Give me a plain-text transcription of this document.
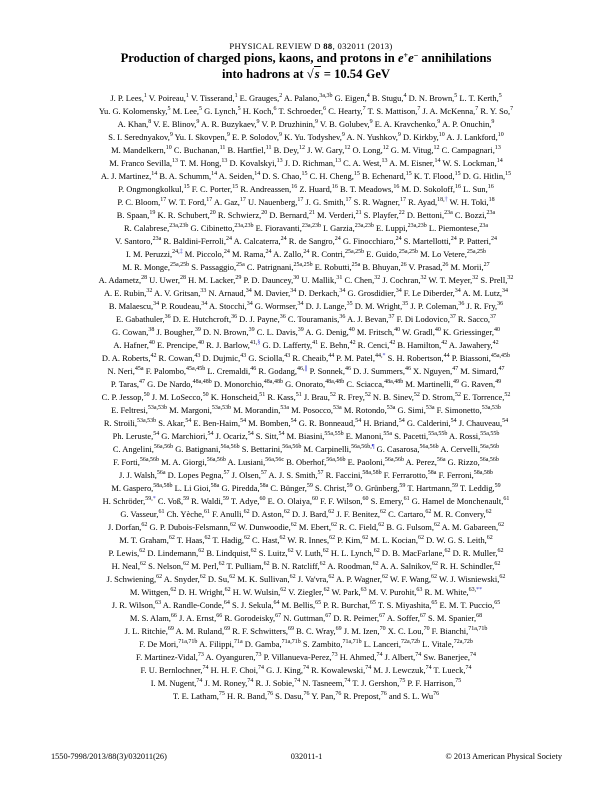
PHYSICAL REVIEW D 88, 032011 (2013)

Production of charged pions, kaons, and protons in e+e− annihilations
into hadrons at √s = 10.54 GeV
J. P. Lees,$^1$ V. Poireau,$^1$ V. Tisserand,$^1$ E. Grauges,$^2$ A. Palano,$^{3a,3b}$ G. Eigen,$^4$ B. Stugu,$^4$ D. N. Brown,$^5$ L. T. Kerth,$^5$
Yu. G. Kolomensky,$^5$ M. Lee,$^5$ G. Lynch,$^5$ H. Koch,$^6$ T. Schroeder,$^6$ C. Hearty,$^7$ T. S. Mattison,$^7$ J. A. McKenna,$^7$ R. Y. So,$^7$
A. Khan,$^8$ V. E. Blinov,$^9$ A. R. Buzykaev,$^9$ V. P. Druzhinin,$^9$ V. B. Golubev,$^9$ E. A. Kravchenko,$^9$ A. P. Onuchin,$^9$
S. I. Serednyakov,$^9$ Yu. I. Skovpen,$^9$ E. P. Solodov,$^9$ K. Yu. Todyshev,$^9$ A. N. Yushkov,$^9$ D. Kirkby,$^{10}$ A. J. Lankford,$^{10}$
M. Mandelkern,$^{10}$ C. Buchanan,$^{11}$ B. Hartfiel,$^{11}$ B. Dey,$^{12}$ J. W. Gary,$^{12}$ O. Long,$^{12}$ G. M. Vitug,$^{12}$ C. Campagnari,$^{13}$
M. Franco Sevilla,$^{13}$ T. M. Hong,$^{13}$ D. Kovalskyi,$^{13}$ J. D. Richman,$^{13}$ C. A. West,$^{13}$ A. M. Eisner,$^{14}$ W. S. Lockman,$^{14}$
A. J. Martinez,$^{14}$ B. A. Schumm,$^{14}$ A. Seiden,$^{14}$ D. S. Chao,$^{15}$ C. H. Cheng,$^{15}$ B. Echenard,$^{15}$ K. T. Flood,$^{15}$ D. G. Hitlin,$^{15}$
P. Ongmongkolkul,$^{15}$ F. C. Porter,$^{15}$ R. Andreassen,$^{16}$ Z. Huard,$^{16}$ B. T. Meadows,$^{16}$ M. D. Sokoloff,$^{16}$ L. Sun,$^{16}$
P. C. Bloom,$^{17}$ W. T. Ford,$^{17}$ A. Gaz,$^{17}$ U. Nauenberg,$^{17}$ J. G. Smith,$^{17}$ S. R. Wagner,$^{17}$ R. Ayad,$^{18,\dagger}$ W. H. Toki,$^{18}$
B. Spaan,$^{19}$ K. R. Schubert,$^{20}$ R. Schwierz,$^{20}$ D. Bernard,$^{21}$ M. Verderi,$^{21}$ S. Playfer,$^{22}$ D. Bettoni,$^{23a}$ C. Bozzi,$^{23a}$
R. Calabrese,$^{23a,23b}$ G. Cibinetto,$^{23a,23b}$ E. Fioravanti,$^{23a,23b}$ I. Garzia,$^{23a,23b}$ E. Luppi,$^{23a,23b}$ L. Piemontese,$^{23a}$
V. Santoro,$^{23a}$ R. Baldini-Ferroli,$^{24}$ A. Calcaterra,$^{24}$ R. de Sangro,$^{24}$ G. Finocchiaro,$^{24}$ S. Martellotti,$^{24}$ P. Patteri,$^{24}$
I. M. Peruzzi,$^{24,\ddagger}$ M. Piccolo,$^{24}$ M. Rama,$^{24}$ A. Zallo,$^{24}$ R. Contri,$^{25a,25b}$ E. Guido,$^{25a,25b}$ M. Lo Vetere,$^{25a,25b}$
M. R. Monge,$^{25a,25b}$ S. Passaggio,$^{25a}$ C. Patrignani,$^{25a,25b}$ E. Robutti,$^{25a}$ B. Bhuyan,$^{26}$ V. Prasad,$^{26}$ M. Morii,$^{27}$
A. Adametz,$^{28}$ U. Uwer,$^{28}$ H. M. Lacker,$^{29}$ P. D. Dauncey,$^{30}$ U. Mallik,$^{31}$ C. Chen,$^{32}$ J. Cochran,$^{32}$ W. T. Meyer,$^{32}$ S. Prell,$^{32}$
A. E. Rubin,$^{32}$ A. V. Gritsan,$^{33}$ N. Arnaud,$^{34}$ M. Davier,$^{34}$ D. Derkach,$^{34}$ G. Grosdidier,$^{34}$ F. Le Diberder,$^{34}$ A. M. Lutz,$^{34}$
B. Malaescu,$^{34}$ P. Roudeau,$^{34}$ A. Stocchi,$^{34}$ G. Wormser,$^{34}$ D. J. Lange,$^{35}$ D. M. Wright,$^{35}$ J. P. Coleman,$^{36}$ J. R. Fry,$^{36}$
E. Gabathuler,$^{36}$ D. E. Hutchcroft,$^{36}$ D. J. Payne,$^{36}$ C. Touramanis,$^{36}$ A. J. Bevan,$^{37}$ F. Di Lodovico,$^{37}$ R. Sacco,$^{37}$
G. Cowan,$^{38}$ J. Bougher,$^{39}$ D. N. Brown,$^{39}$ C. L. Davis,$^{39}$ A. G. Denig,$^{40}$ M. Fritsch,$^{40}$ W. Gradl,$^{40}$ K. Griessinger,$^{40}$
A. Hafner,$^{40}$ E. Prencipe,$^{40}$ R. J. Barlow,$^{41,\S}$ G. D. Lafferty,$^{41}$ E. Behn,$^{42}$ R. Cenci,$^{42}$ B. Hamilton,$^{42}$ A. Jawahery,$^{42}$
D. A. Roberts,$^{42}$ R. Cowan,$^{43}$ D. Dujmic,$^{43}$ G. Sciolla,$^{43}$ R. Cheaib,$^{44}$ P. M. Patel,$^{44,*}$ S. H. Robertson,$^{44}$ P. Biassoni,$^{45a,45b}$
N. Neri,$^{45a}$ F. Palombo,$^{45a,45b}$ L. Cremaldi,$^{46}$ R. Godang,$^{46,\parallel}$ P. Sonnek,$^{46}$ D. J. Summers,$^{46}$ X. Nguyen,$^{47}$ M. Simard,$^{47}$
P. Taras,$^{47}$ G. De Nardo,$^{48a,48b}$ D. Monorchio,$^{48a,48b}$ G. Onorato,$^{48a,48b}$ C. Sciacca,$^{48a,48b}$ M. Martinelli,$^{49}$ G. Raven,$^{49}$
C. P. Jessop,$^{50}$ J. M. LoSecco,$^{50}$ K. Honscheid,$^{51}$ R. Kass,$^{51}$ J. Brau,$^{52}$ R. Frey,$^{52}$ N. B. Sinev,$^{52}$ D. Strom,$^{52}$ E. Torrence,$^{52}$
E. Feltresi,$^{53a,53b}$ M. Margoni,$^{53a,53b}$ M. Morandin,$^{53a}$ M. Posocco,$^{53a}$ M. Rotondo,$^{53a}$ G. Simi,$^{53a}$ F. Simonetto,$^{53a,53b}$
R. Stroili,$^{53a,53b}$ S. Akar,$^{54}$ E. Ben-Haim,$^{54}$ M. Bomben,$^{54}$ G. R. Bonneaud,$^{54}$ H. Briand,$^{54}$ G. Calderini,$^{54}$ J. Chauveau,$^{54}$
Ph. Leruste,$^{54}$ G. Marchiori,$^{54}$ J. Ocariz,$^{54}$ S. Sitt,$^{54}$ M. Biasini,$^{55a,55b}$ E. Manoni,$^{55a}$ S. Pacetti,$^{55a,55b}$ A. Rossi,$^{55a,55b}$
C. Angelini,$^{56a,56b}$ G. Batignani,$^{56a,56b}$ S. Bettarini,$^{56a,56b}$ M. Carpinelli,$^{56a,56b,\P}$ G. Casarosa,$^{56a,56b}$ A. Cervelli,$^{56a,56b}$
F. Forti,$^{56a,56b}$ M. A. Giorgi,$^{56a,56b}$ A. Lusiani,$^{56a,56c}$ B. Oberhof,$^{56a,56b}$ E. Paoloni,$^{56a,56b}$ A. Perez,$^{56a}$ G. Rizzo,$^{56a,56b}$
J. J. Walsh,$^{56a}$ D. Lopes Pegna,$^{57}$ J. Olsen,$^{57}$ A. J. S. Smith,$^{57}$ R. Faccini,$^{58a,58b}$ F. Ferrarotto,$^{58a}$ F. Ferroni,$^{58a,58b}$
M. Gaspero,$^{58a,58b}$ L. Li Gioi,$^{58a}$ G. Piredda,$^{58a}$ C. Bünger,$^{59}$ S. Christ,$^{59}$ O. Grünberg,$^{59}$ T. Hartmann,$^{59}$ T. Leddig,$^{59}$
H. Schröder,$^{59,*}$ C. Voß,$^{59}$ R. Waldi,$^{59}$ T. Adye,$^{60}$ E. O. Olaiya,$^{60}$ F. F. Wilson,$^{60}$ S. Emery,$^{61}$ G. Hamel de Monchenault,$^{61}$
G. Vasseur,$^{61}$ Ch. Yèche,$^{61}$ F. Anulli,$^{62}$ D. Aston,$^{62}$ D. J. Bard,$^{62}$ J. F. Benitez,$^{62}$ C. Cartaro,$^{62}$ M. R. Convery,$^{62}$
J. Dorfan,$^{62}$ G. P. Dubois-Felsmann,$^{62}$ W. Dunwoodie,$^{62}$ M. Ebert,$^{62}$ R. C. Field,$^{62}$ B. G. Fulsom,$^{62}$ A. M. Gabareen,$^{62}$
M. T. Graham,$^{62}$ T. Haas,$^{62}$ T. Hadig,$^{62}$ C. Hast,$^{62}$ W. R. Innes,$^{62}$ P. Kim,$^{62}$ M. L. Kocian,$^{62}$ D. W. G. S. Leith,$^{62}$
P. Lewis,$^{62}$ D. Lindemann,$^{62}$ B. Lindquist,$^{62}$ S. Luitz,$^{62}$ V. Luth,$^{62}$ H. L. Lynch,$^{62}$ D. B. MacFarlane,$^{62}$ D. R. Muller,$^{62}$
H. Neal,$^{62}$ S. Nelson,$^{62}$ M. Perl,$^{62}$ T. Pulliam,$^{62}$ B. N. Ratcliff,$^{62}$ A. Roodman,$^{62}$ A. A. Salnikov,$^{62}$ R. H. Schindler,$^{62}$
J. Schwiening,$^{62}$ A. Snyder,$^{62}$ D. Su,$^{62}$ M. K. Sullivan,$^{62}$ J. Va'vra,$^{62}$ A. P. Wagner,$^{62}$ W. F. Wang,$^{62}$ W. J. Wisniewski,$^{62}$
M. Wittgen,$^{62}$ D. H. Wright,$^{62}$ H. W. Wulsin,$^{62}$ V. Ziegler,$^{62}$ W. Park,$^{63}$ M. V. Purohit,$^{63}$ R. M. White,$^{63,**}$
J. R. Wilson,$^{63}$ A. Randle-Conde,$^{64}$ S. J. Sekula,$^{64}$ M. Bellis,$^{65}$ P. R. Burchat,$^{65}$ T. S. Miyashita,$^{65}$ E. M. T. Puccio,$^{65}$
M. S. Alam,$^{66}$ J. A. Ernst,$^{66}$ R. Gorodeisky,$^{67}$ N. Guttman,$^{67}$ D. R. Peimer,$^{67}$ A. Soffer,$^{67}$ S. M. Spanier,$^{68}$
J. L. Ritchie,$^{69}$ A. M. Ruland,$^{69}$ R. F. Schwitters,$^{69}$ B. C. Wray,$^{69}$ J. M. Izen,$^{70}$ X. C. Lou,$^{70}$ F. Bianchi,$^{71a,71b}$
F. De Mori,$^{71a,71b}$ A. Filippi,$^{71a}$ D. Gamba,$^{71a,71b}$ S. Zambito,$^{71a,71b}$ L. Lanceri,$^{72a,72b}$ L. Vitale,$^{72a,72b}$
F. Martinez-Vidal,$^{73}$ A. Oyanguren,$^{73}$ P. Villanueva-Perez,$^{73}$ H. Ahmed,$^{74}$ J. Albert,$^{74}$ Sw. Banerjee,$^{74}$
F. U. Bernlochner,$^{74}$ H. H. F. Choi,$^{74}$ G. J. King,$^{74}$ R. Kowalewski,$^{74}$ M. J. Lewczuk,$^{74}$ T. Lueck,$^{74}$
I. M. Nugent,$^{74}$ J. M. Roney,$^{74}$ R. J. Sobie,$^{74}$ N. Tasneem,$^{74}$ T. J. Gershon,$^{75}$ P. F. Harrison,$^{75}$
T. E. Latham,$^{75}$ H. R. Band,$^{76}$ S. Dasu,$^{76}$ Y. Pan,$^{76}$ R. Prepost,$^{76}$ and S. L. Wu$^{76}$
1550-7998/2013/88(3)/032011(26)	032011-1	© 2013 American Physical Society
